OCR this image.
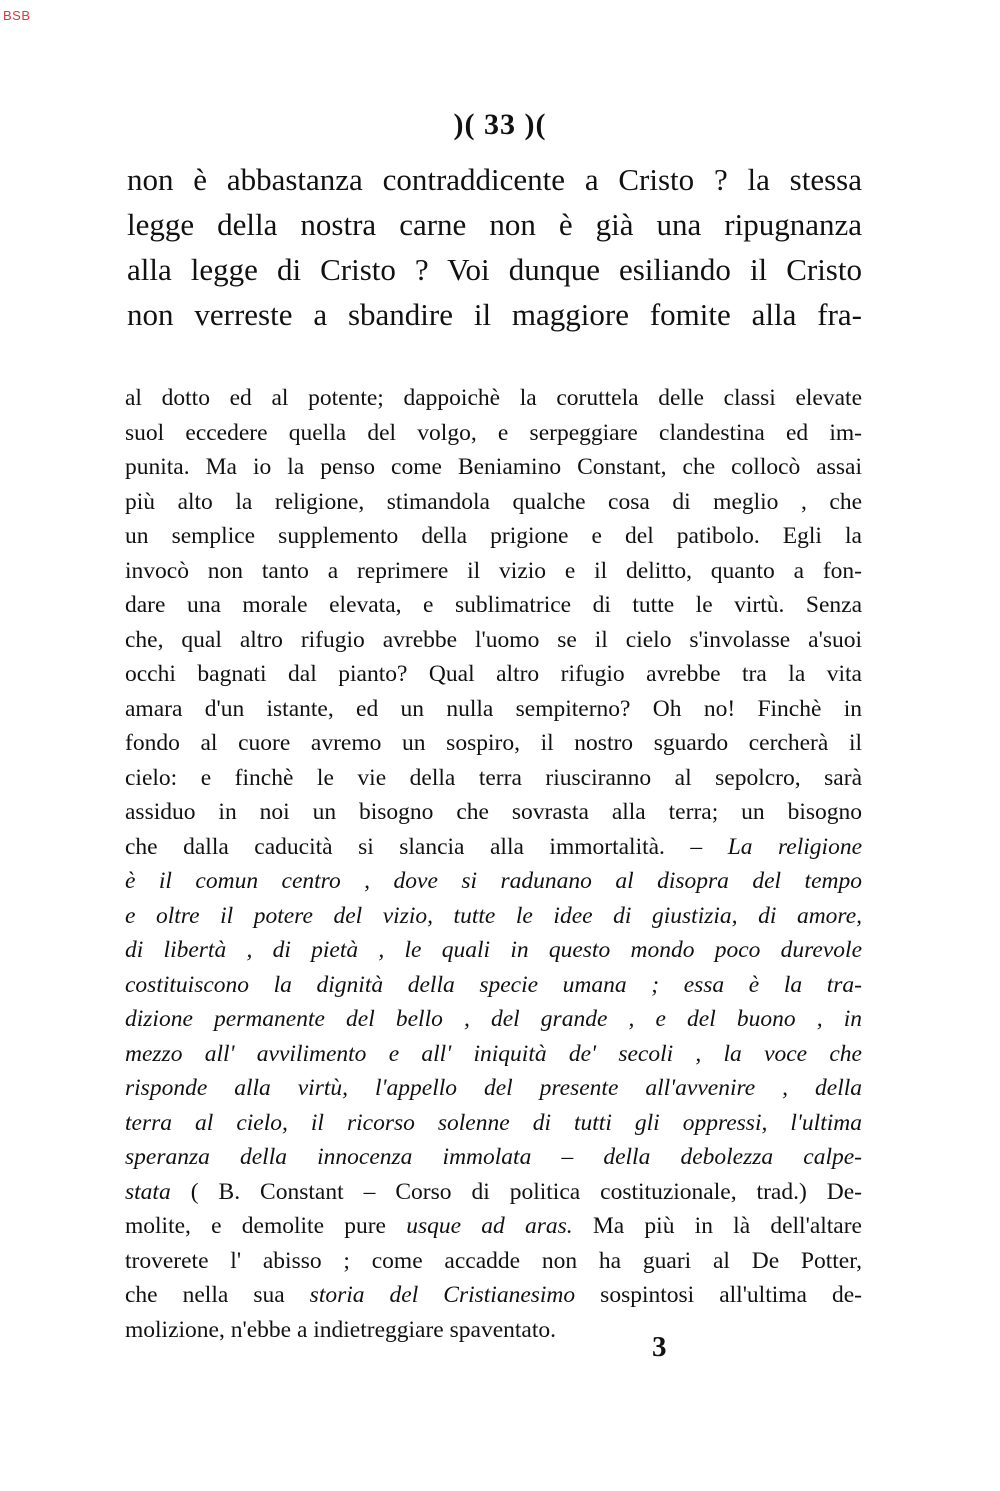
BSB
)( 33 )(
non è abbastanza contraddicente a Cristo ? la stessa
legge della nostra carne non è già una ripugnanza
alla legge di Cristo ? Voi dunque esiliando il Cristo
non verreste a sbandire il maggiore fomite alla fra-
al dotto ed al potente; dappoichè la coruttela delle classi elevate
suol eccedere quella del volgo, e serpeggiare clandestina ed im-
punita. Ma io la penso come Beniamino Constant, che collocò assai
più alto la religione, stimandola qualche cosa di meglio , che
un semplice supplemento della prigione e del patibolo. Egli la
invocò non tanto a reprimere il vizio e il delitto, quanto a fon-
dare una morale elevata, e sublimatrice di tutte le virtù. Senza
che, qual altro rifugio avrebbe l'uomo se il cielo s'involasse a'suoi
occhi bagnati dal pianto? Qual altro rifugio avrebbe tra la vita
amara d'un istante, ed un nulla sempiterno? Oh no! Finchè in
fondo al cuore avremo un sospiro, il nostro sguardo cercherà il
cielo: e finchè le vie della terra riusciranno al sepolcro, sarà
assiduo in noi un bisogno che sovrasta alla terra; un bisogno
che dalla caducità si slancia alla immortalità. – La religione
è il comun centro , dove si radunano al disopra del tempo
e oltre il potere del vizio, tutte le idee di giustizia, di amore,
di libertà , di pietà , le quali in questo mondo poco durevole
costituiscono la dignità della specie umana ; essa è la tra-
dizione permanente del bello , del grande , e del buono , in
mezzo all' avvilimento e all' iniquità de' secoli , la voce che
risponde alla virtù, l'appello del presente all'avvenire , della
terra al cielo, il ricorso solenne di tutti gli oppressi, l'ultima
speranza della innocenza immolata – della debolezza calpe-
stata ( B. Constant – Corso di politica costituzionale, trad.) De-
molite, e demolite pure usque ad aras. Ma più in là dell'altare
troverete l' abisso ; come accadde non ha guari al De Potter,
che nella sua storia del Cristianesimo sospintosi all'ultima de-
molizione, n'ebbe a indietreggiare spaventato.
3
